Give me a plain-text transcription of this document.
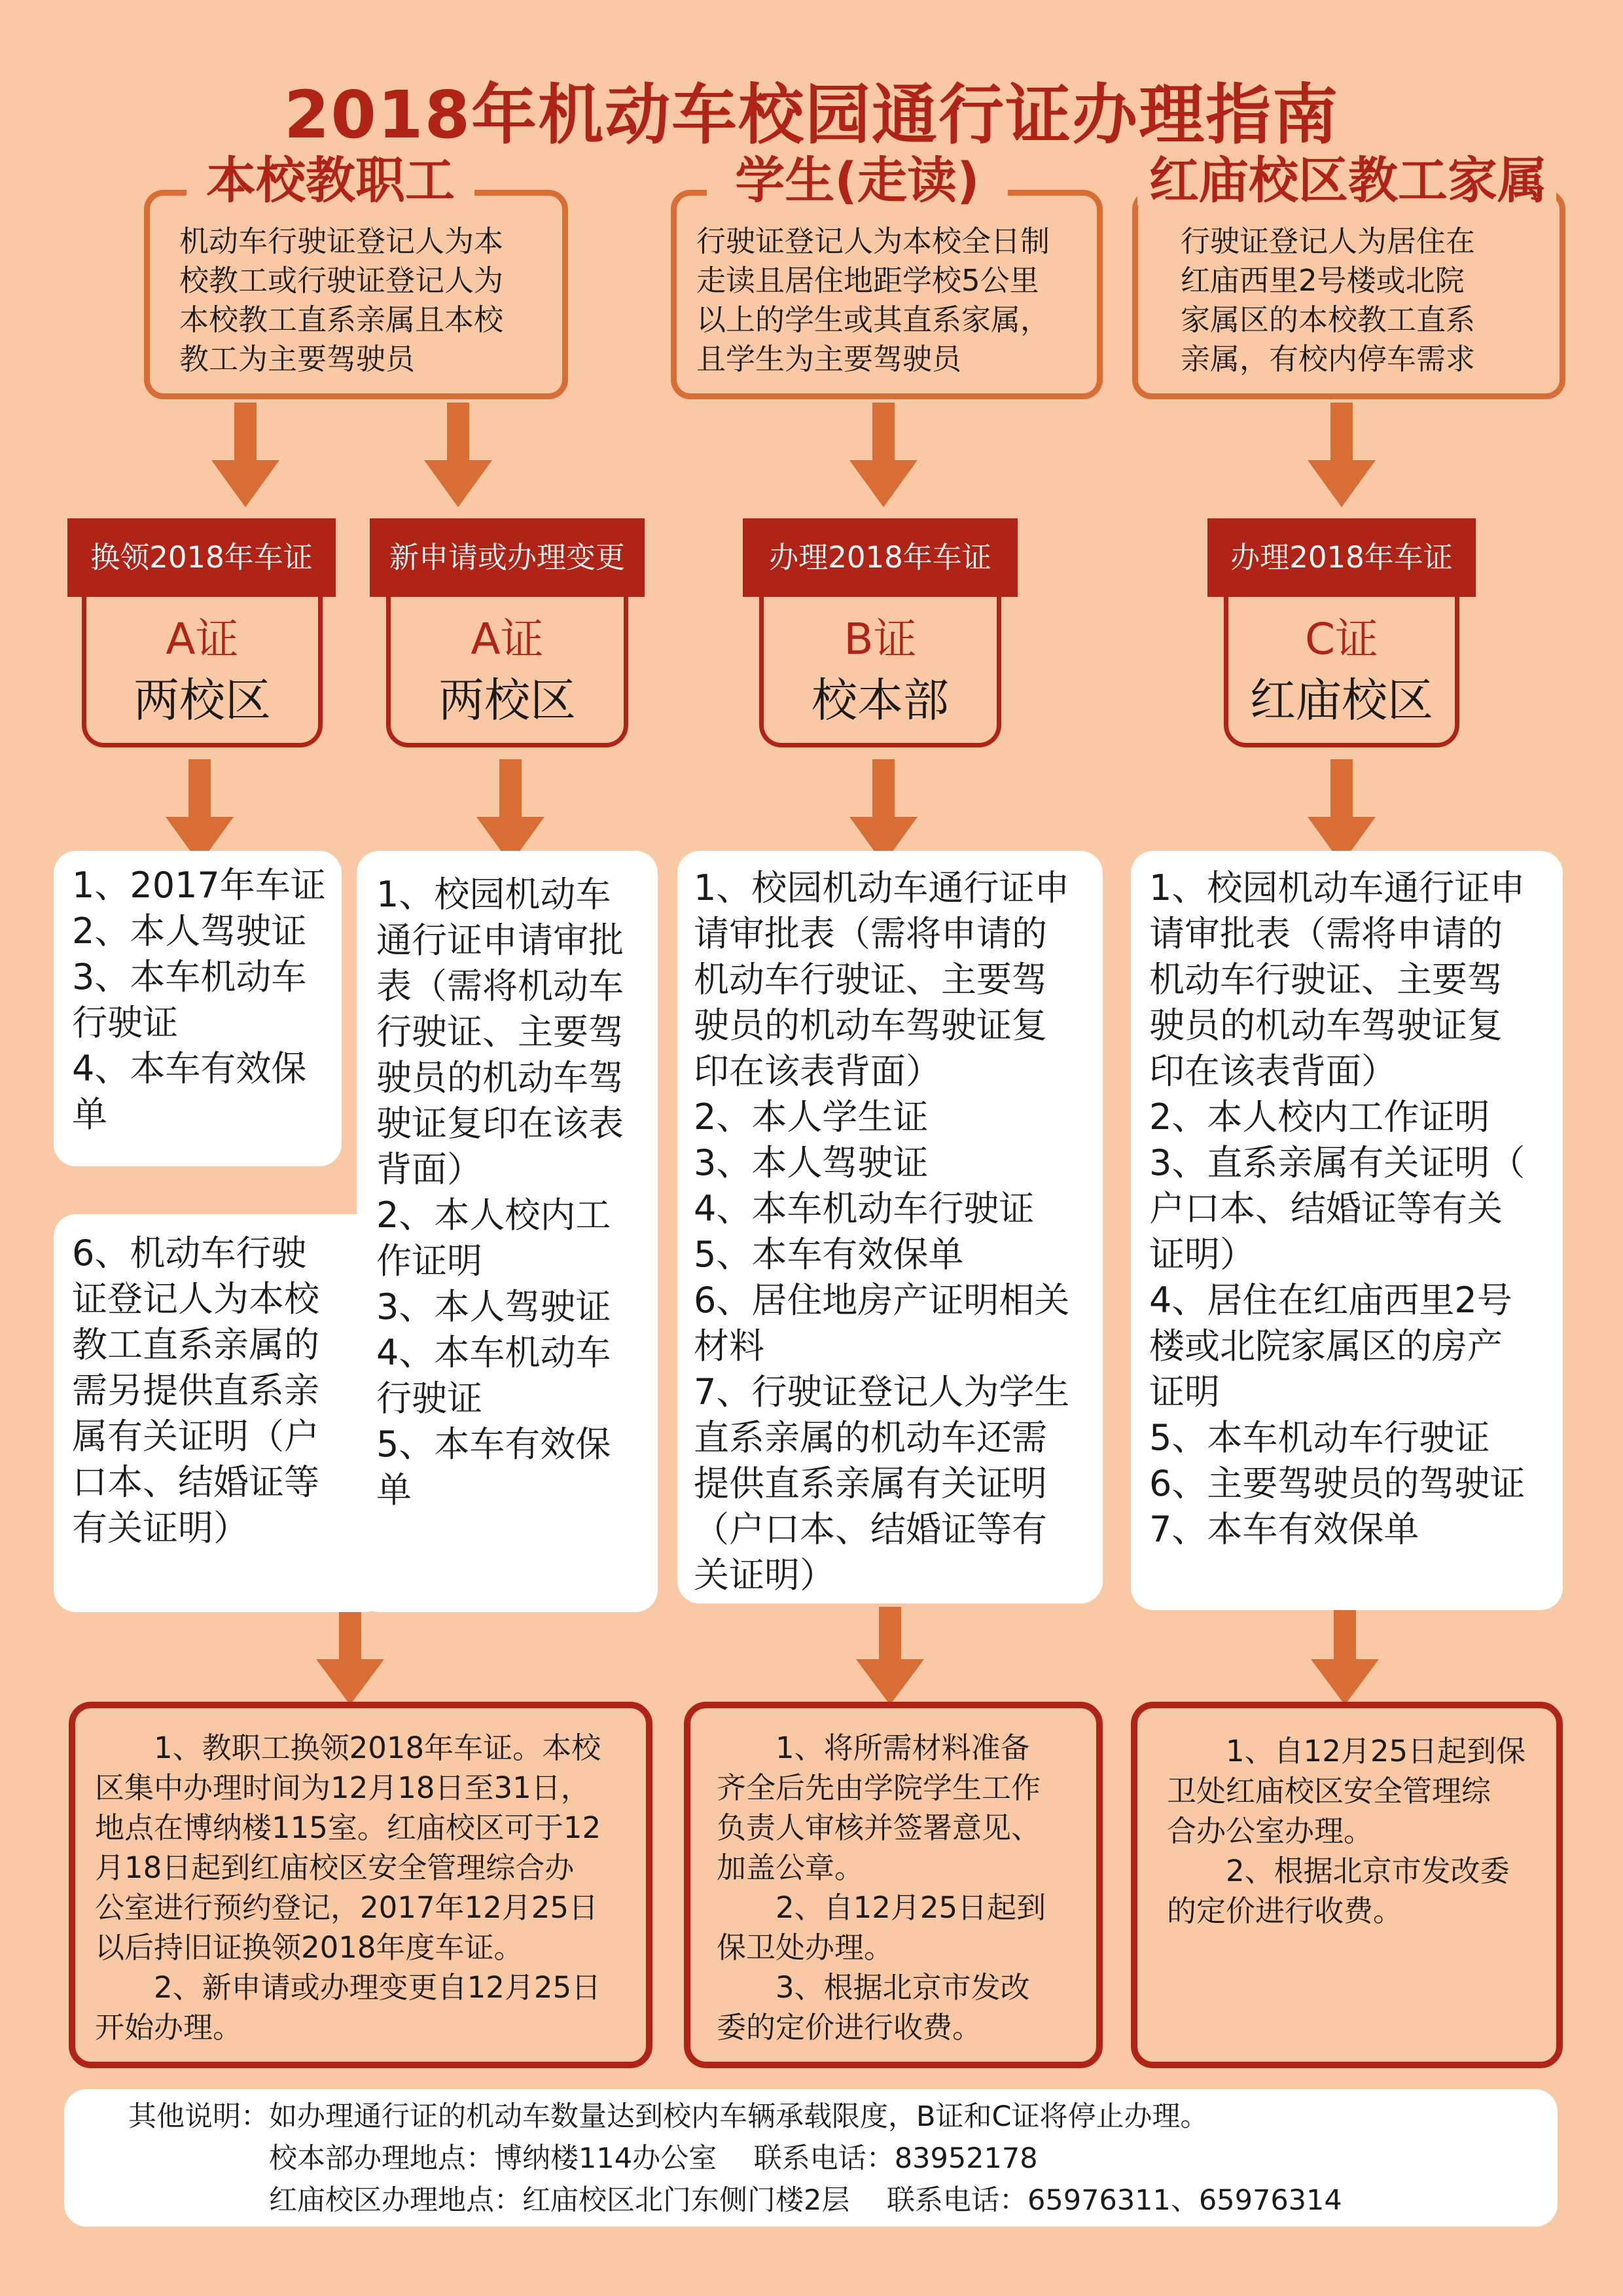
2018年机动车校园通行证办理指南
机动车行驶证登记人为本
校教工或行驶证登记人为
本校教工直系亲属且本校
教工为主要驾驶员
本校教职工
行驶证登记人为本校全日制
走读且居住地距学校5公里
以上的学生或其直系家属，
且学生为主要驾驶员
学生(走读)
行驶证登记人为居住在
红庙西里2号楼或北院
家属区的本校教工直系
亲属，有校内停车需求
红庙校区教工家属
换领2018年车证
A证
两校区
新申请或办理变更
A证
两校区
办理2018年车证
B证
校本部
办理2018年车证
C证
红庙校区
1、2017年车证
2、本人驾驶证
3、本车机动车
行驶证
4、本车有效保
单
6、机动车行驶
证登记人为本校
教工直系亲属的
需另提供直系亲
属有关证明（户
口本、结婚证等
有关证明）
1、校园机动车
通行证申请审批
表（需将机动车
行驶证、主要驾
驶员的机动车驾
驶证复印在该表
背面）
2、本人校内工
作证明
3、本人驾驶证
4、本车机动车
行驶证
5、本车有效保
单
1、校园机动车通行证申
请审批表（需将申请的
机动车行驶证、主要驾
驶员的机动车驾驶证复
印在该表背面）
2、本人学生证
3、本人驾驶证
4、本车机动车行驶证
5、本车有效保单
6、居住地房产证明相关
材料
7、行驶证登记人为学生
直系亲属的机动车还需
提供直系亲属有关证明
（户口本、结婚证等有
关证明）
1、校园机动车通行证申
请审批表（需将申请的
机动车行驶证、主要驾
驶员的机动车驾驶证复
印在该表背面）
2、本人校内工作证明
3、直系亲属有关证明（
户口本、结婚证等有关
证明）
4、居住在红庙西里2号
楼或北院家属区的房产
证明
5、本车机动车行驶证
6、主要驾驶员的驾驶证
7、本车有效保单

　　1、教职工换领2018年车证。本校

区集中办理时间为12月18日至31日，

地点在博纳楼115室。红庙校区可于12

月18日起到红庙校区安全管理综合办

公室进行预约登记，2017年12月25日

以后持旧证换领2018年度车证。

　　2、新申请或办理变更自12月25日

开始办理。

　　1、将所需材料准备

齐全后先由学院学生工作

负责人审核并签署意见、

加盖公章。

　　2、自12月25日起到

保卫处办理。

　　3、根据北京市发改

委的定价进行收费。

　　1、自12月25日起到保

卫处红庙校区安全管理综

合办公室办理。

　　2、根据北京市发改委

的定价进行收费。

其他说明：如办理通行证的机动车数量达到校内车辆承载限度，B证和C证将停止办理。

　　　　　校本部办理地点：博纳楼114办公室　 联系电话：83952178

　　　　　红庙校区办理地点：红庙校区北门东侧门楼2层　 联系电话：65976311、65976314
